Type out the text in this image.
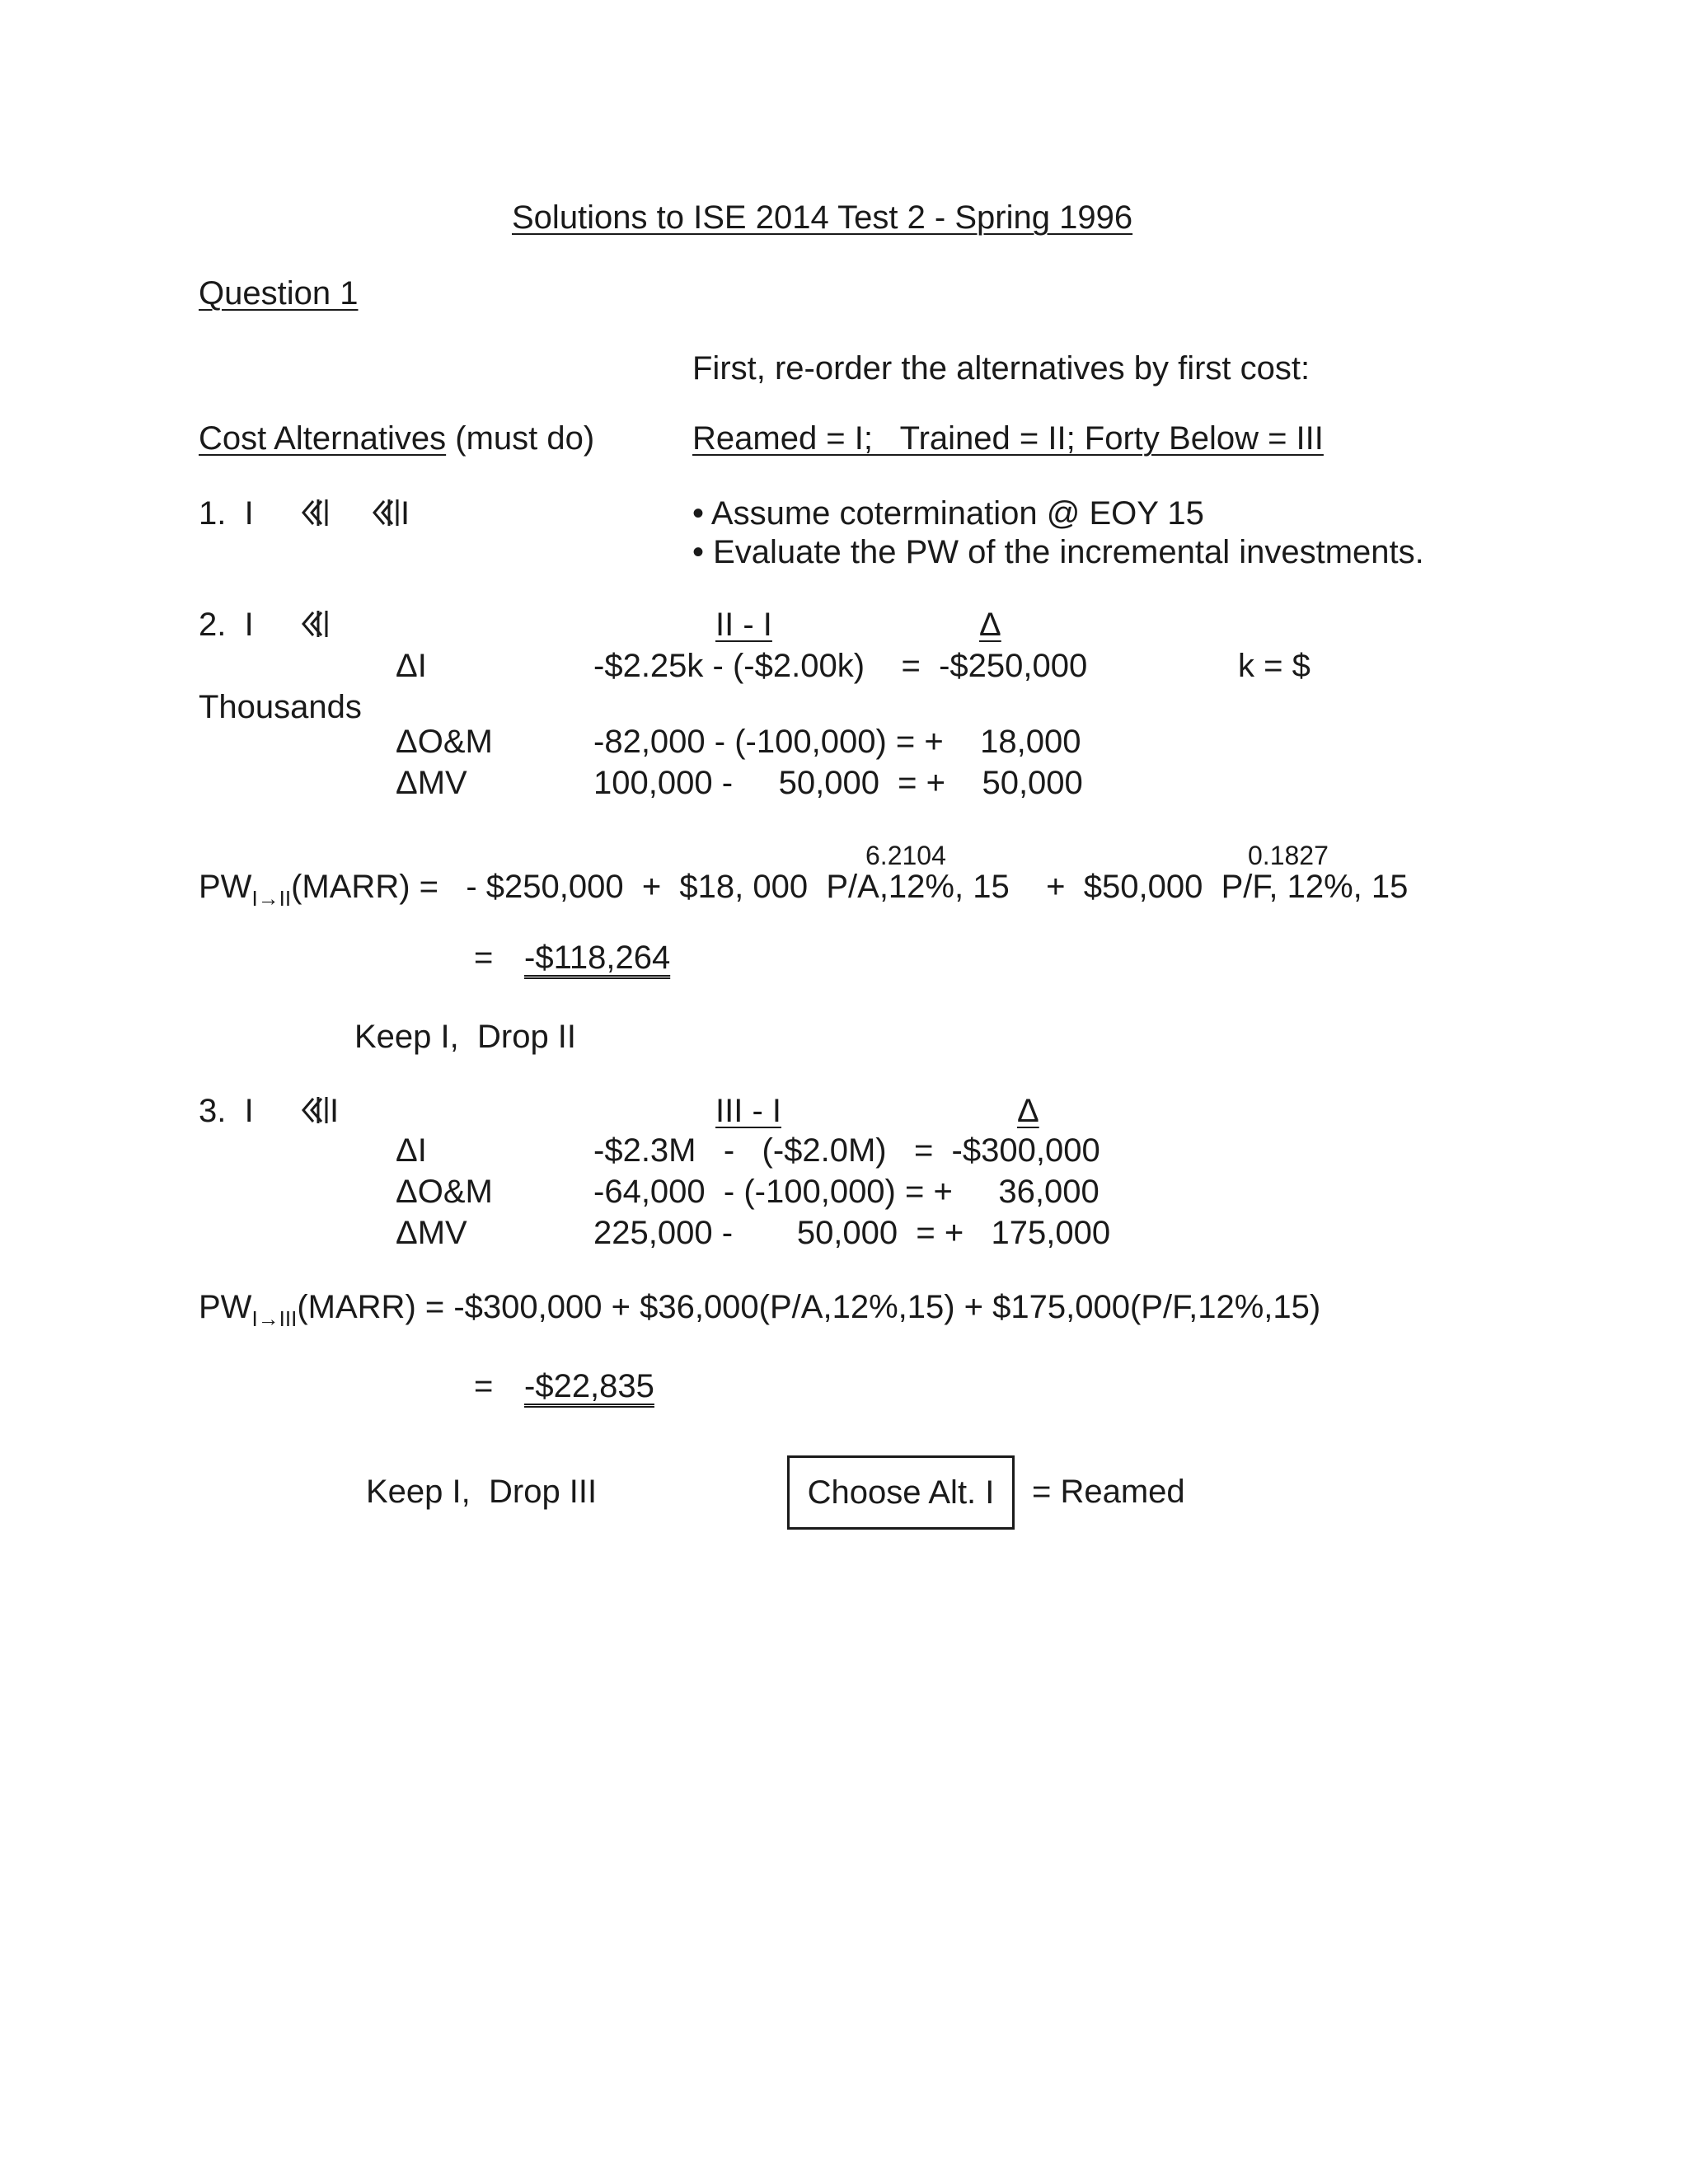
Solutions to ISE 2014 Test 2 - Spring 1996
Question 1
First, re-order the alternatives by first cost:
Cost Alternatives (must do)	Reamed = I;   Trained = II; Forty Below = III
1.  I	I	• Assume cotermination @ EOY 15
• Evaluate the PW of the incremental investments.
2.  I	II - I	Δ
ΔI	-$2.25k - (-$2.00k)    =  -$250,000	k = $
Thousands
ΔO&M	-82,000 - (-100,000) = +    18,000
ΔMV	100,000 -     50,000  = +    50,000
6.2104	0.1827
$PW_{I\to II}(MARR)$ =   - $250,000  +  $18, 000  P/A,12%, 15    +  $50,000  P/F, 12%, 15
= -$118,264
Keep I,  Drop II
3.  I I	III - I	Δ
ΔI	-$2.3M   -   (-$2.0M)   =  -$300,000
ΔO&M	-64,000  - (-100,000) = +     36,000
ΔMV	225,000 -       50,000  = +   175,000
$PW_{I\to III}(MARR)$ = -$300,000 + $36,000(P/A,12%,15) + $175,000(P/F,12%,15)
= -$22,835
Keep I,  Drop III	Choose Alt. I = Reamed
